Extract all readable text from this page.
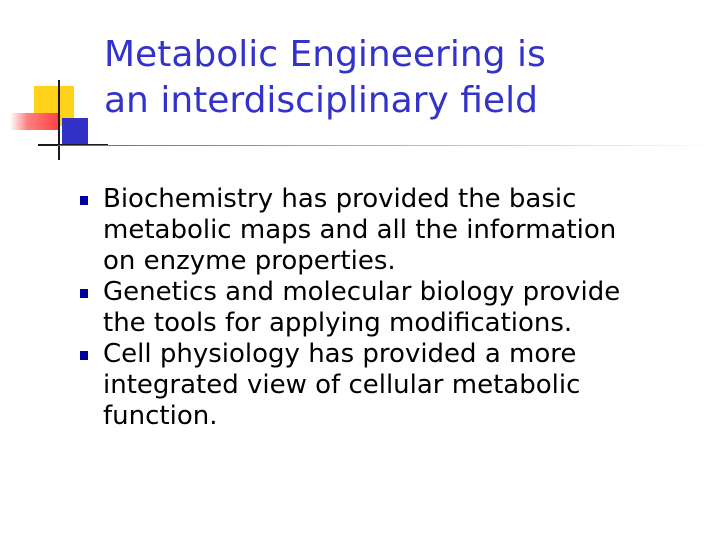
Metabolic Engineering is
an interdisciplinary field
Biochemistry has provided the basic
metabolic maps and all the information
on enzyme properties.
Genetics and molecular biology provide
the tools for applying modifications.
Cell physiology has provided a more
integrated view of cellular metabolic
function.
